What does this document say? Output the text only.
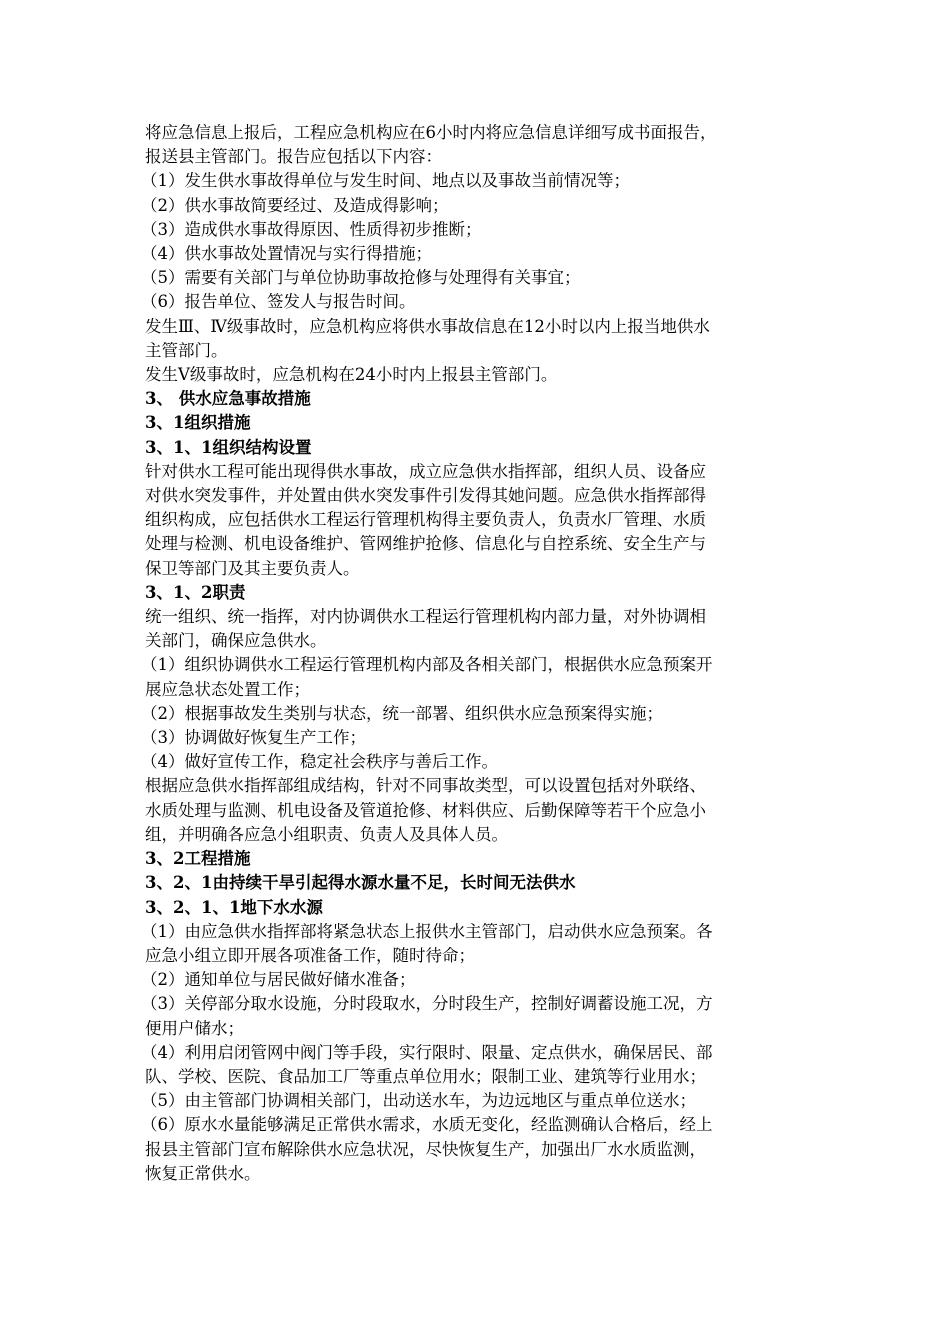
将应急信息上报后，工程应急机构应在6小时内将应急信息详细写成书面报告，
报送县主管部门。报告应包括以下内容：
（1）发生供水事故得单位与发生时间、地点以及事故当前情况等；
（2）供水事故简要经过、及造成得影响；
（3）造成供水事故得原因、性质得初步推断；
（4）供水事故处置情况与实行得措施；
（5）需要有关部门与单位协助事故抢修与处理得有关事宜；
（6）报告单位、签发人与报告时间。
发生Ⅲ、Ⅳ级事故时，应急机构应将供水事故信息在12小时以内上报当地供水
主管部门。
发生Ⅴ级事故时，应急机构在24小时内上报县主管部门。
3、 供水应急事故措施
3、1组织措施
3、1、1组织结构设置
针对供水工程可能出现得供水事故，成立应急供水指挥部，组织人员、设备应
对供水突发事件，并处置由供水突发事件引发得其她问题。应急供水指挥部得
组织构成，应包括供水工程运行管理机构得主要负责人，负责水厂管理、水质
处理与检测、机电设备维护、管网维护抢修、信息化与自控系统、安全生产与
保卫等部门及其主要负责人。
3、1、2职责
统一组织、统一指挥，对内协调供水工程运行管理机构内部力量，对外协调相
关部门，确保应急供水。
（1）组织协调供水工程运行管理机构内部及各相关部门，根据供水应急预案开
展应急状态处置工作；
（2）根据事故发生类别与状态，统一部署、组织供水应急预案得实施；
（3）协调做好恢复生产工作；
（4）做好宣传工作，稳定社会秩序与善后工作。
根据应急供水指挥部组成结构，针对不同事故类型，可以设置包括对外联络、
水质处理与监测、机电设备及管道抢修、材料供应、后勤保障等若干个应急小
组，并明确各应急小组职责、负责人及具体人员。
3、2工程措施
3、2、1由持续干旱引起得水源水量不足，长时间无法供水
3、2、1、1地下水水源
（1）由应急供水指挥部将紧急状态上报供水主管部门，启动供水应急预案。各
应急小组立即开展各项准备工作，随时待命；
（2）通知单位与居民做好储水准备；
（3）关停部分取水设施，分时段取水，分时段生产，控制好调蓄设施工况，方
便用户储水；
（4）利用启闭管网中阀门等手段，实行限时、限量、定点供水，确保居民、部
队、学校、医院、食品加工厂等重点单位用水；限制工业、建筑等行业用水；
（5）由主管部门协调相关部门，出动送水车，为边远地区与重点单位送水；
（6）原水水量能够满足正常供水需求，水质无变化，经监测确认合格后，经上
报县主管部门宣布解除供水应急状况，尽快恢复生产，加强出厂水水质监测，
恢复正常供水。
